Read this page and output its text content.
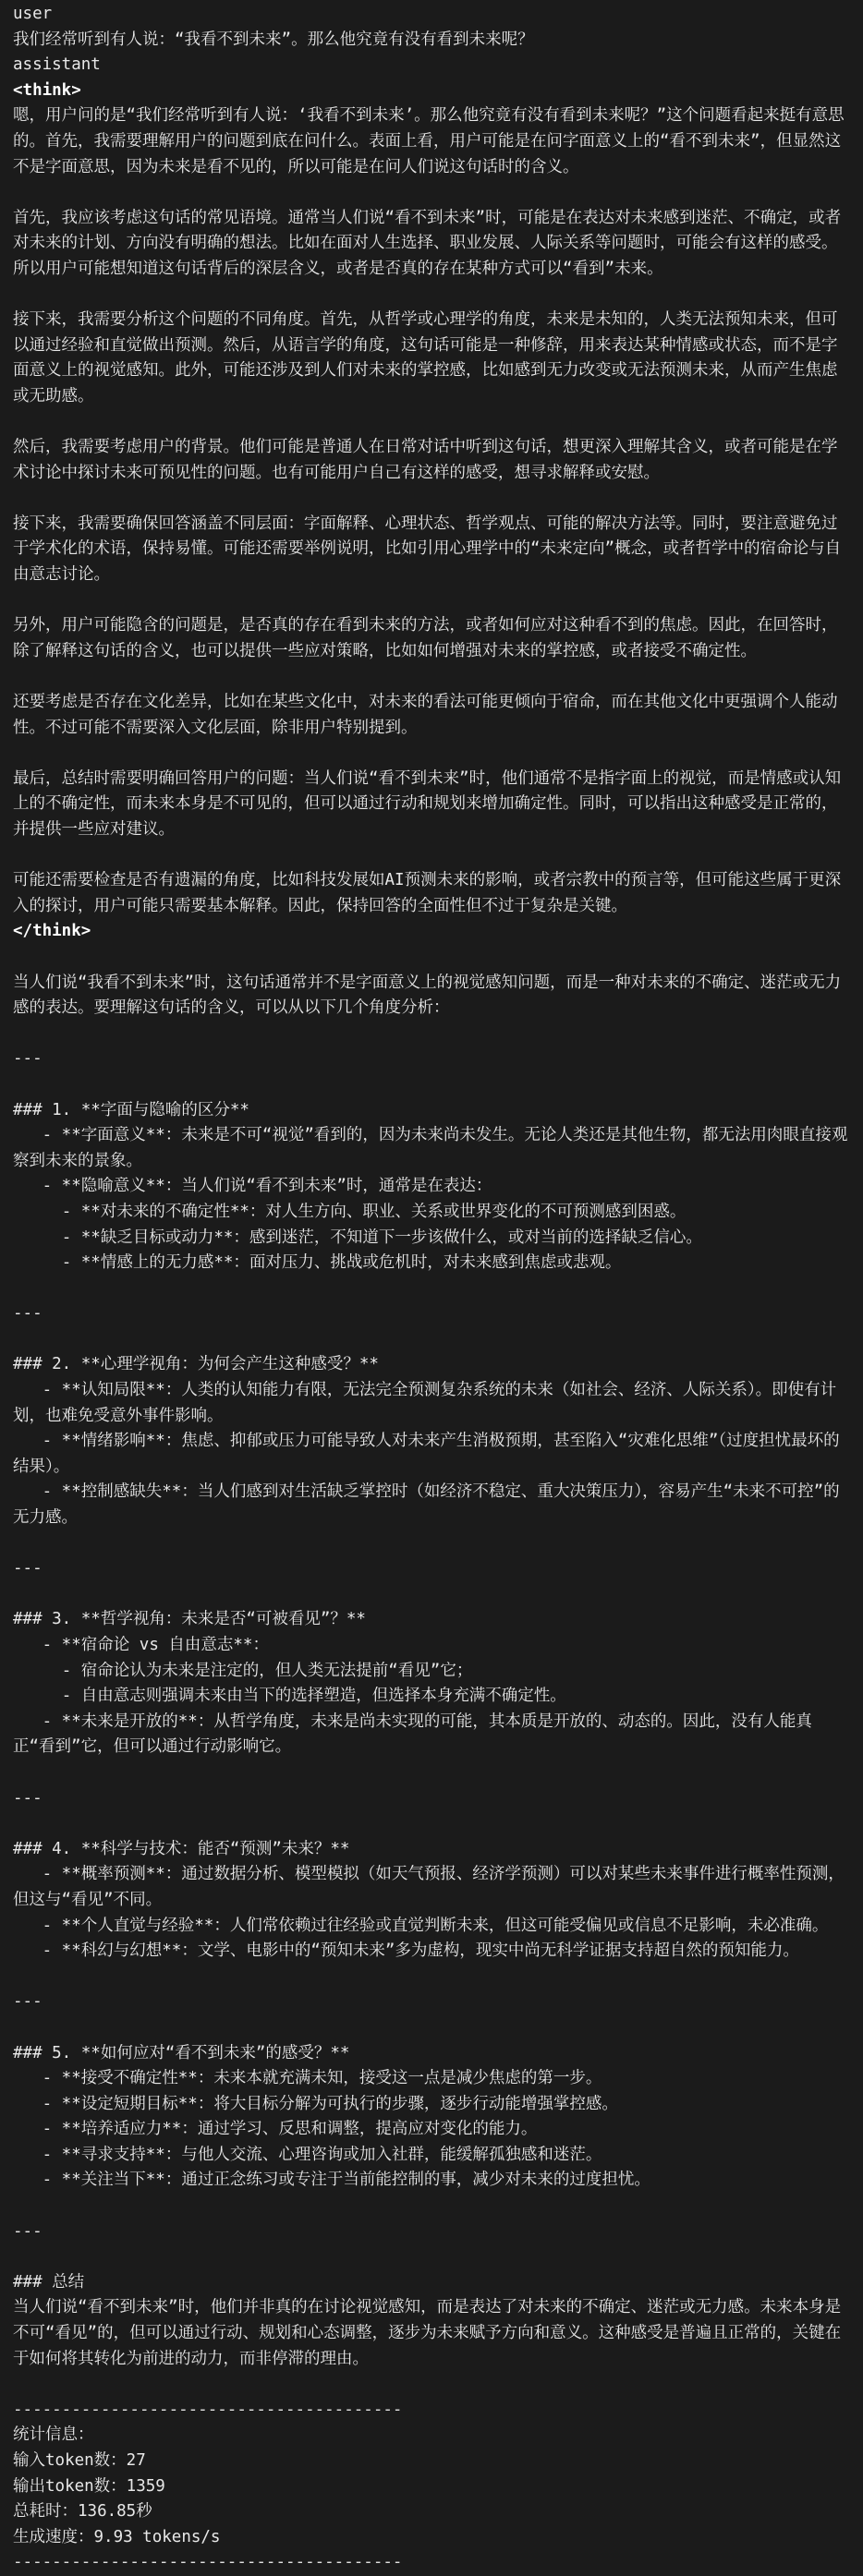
user
我们经常听到有人说：“我看不到未来”。那么他究竟有没有看到未来呢？
assistant
<think>
嗯，用户问的是“我们经常听到有人说：‘我看不到未来’。那么他究竟有没有看到未来呢？”这个问题看起来挺有意思的。首先，我需要理解用户的问题到底在问什么。表面上看，用户可能是在问字面意义上的“看不到未来”，但显然这不是字面意思，因为未来是看不见的，所以可能是在问人们说这句话时的含义。
首先，我应该考虑这句话的常见语境。通常当人们说“看不到未来”时，可能是在表达对未来感到迷茫、不确定，或者对未来的计划、方向没有明确的想法。比如在面对人生选择、职业发展、人际关系等问题时，可能会有这样的感受。所以用户可能想知道这句话背后的深层含义，或者是否真的存在某种方式可以“看到”未来。
接下来，我需要分析这个问题的不同角度。首先，从哲学或心理学的角度，未来是未知的，人类无法预知未来，但可以通过经验和直觉做出预测。然后，从语言学的角度，这句话可能是一种修辞，用来表达某种情感或状态，而不是字面意义上的视觉感知。此外，可能还涉及到人们对未来的掌控感，比如感到无力改变或无法预测未来，从而产生焦虑或无助感。
然后，我需要考虑用户的背景。他们可能是普通人在日常对话中听到这句话，想更深入理解其含义，或者可能是在学术讨论中探讨未来可预见性的问题。也有可能用户自己有这样的感受，想寻求解释或安慰。
接下来，我需要确保回答涵盖不同层面：字面解释、心理状态、哲学观点、可能的解决方法等。同时，要注意避免过于学术化的术语，保持易懂。可能还需要举例说明，比如引用心理学中的“未来定向”概念，或者哲学中的宿命论与自由意志讨论。
另外，用户可能隐含的问题是，是否真的存在看到未来的方法，或者如何应对这种看不到的焦虑。因此，在回答时，除了解释这句话的含义，也可以提供一些应对策略，比如如何增强对未来的掌控感，或者接受不确定性。
还要考虑是否存在文化差异，比如在某些文化中，对未来的看法可能更倾向于宿命，而在其他文化中更强调个人能动性。不过可能不需要深入文化层面，除非用户特别提到。
最后，总结时需要明确回答用户的问题：当人们说“看不到未来”时，他们通常不是指字面上的视觉，而是情感或认知上的不确定性，而未来本身是不可见的，但可以通过行动和规划来增加确定性。同时，可以指出这种感受是正常的，并提供一些应对建议。
可能还需要检查是否有遗漏的角度，比如科技发展如AI预测未来的影响，或者宗教中的预言等，但可能这些属于更深入的探讨，用户可能只需要基本解释。因此，保持回答的全面性但不过于复杂是关键。
</think>
当人们说“我看不到未来”时，这句话通常并不是字面意义上的视觉感知问题，而是一种对未来的不确定、迷茫或无力感的表达。要理解这句话的含义，可以从以下几个角度分析：
---
### 1. **字面与隐喻的区分**
- **字面意义**：未来是不可“视觉”看到的，因为未来尚未发生。无论人类还是其他生物，都无法用肉眼直接观察到未来的景象。
- **隐喻意义**：当人们说“看不到未来”时，通常是在表达：
- **对未来的不确定性**：对人生方向、职业、关系或世界变化的不可预测感到困惑。
- **缺乏目标或动力**：感到迷茫，不知道下一步该做什么，或对当前的选择缺乏信心。
- **情感上的无力感**：面对压力、挑战或危机时，对未来感到焦虑或悲观。
---
### 2. **心理学视角：为何会产生这种感受？**
- **认知局限**：人类的认知能力有限，无法完全预测复杂系统的未来（如社会、经济、人际关系）。即使有计划，也难免受意外事件影响。
- **情绪影响**：焦虑、抑郁或压力可能导致人对未来产生消极预期，甚至陷入“灾难化思维”（过度担忧最坏的结果）。
- **控制感缺失**：当人们感到对生活缺乏掌控时（如经济不稳定、重大决策压力），容易产生“未来不可控”的无力感。
---
### 3. **哲学视角：未来是否“可被看见”？**
- **宿命论 vs 自由意志**：
- 宿命论认为未来是注定的，但人类无法提前“看见”它；
- 自由意志则强调未来由当下的选择塑造，但选择本身充满不确定性。
- **未来是开放的**：从哲学角度，未来是尚未实现的可能，其本质是开放的、动态的。因此，没有人能真正“看到”它，但可以通过行动影响它。
---
### 4. **科学与技术：能否“预测”未来？**
- **概率预测**：通过数据分析、模型模拟（如天气预报、经济学预测）可以对某些未来事件进行概率性预测，但这与“看见”不同。
- **个人直觉与经验**：人们常依赖过往经验或直觉判断未来，但这可能受偏见或信息不足影响，未必准确。
- **科幻与幻想**：文学、电影中的“预知未来”多为虚构，现实中尚无科学证据支持超自然的预知能力。
---
### 5. **如何应对“看不到未来”的感受？**
- **接受不确定性**：未来本就充满未知，接受这一点是减少焦虑的第一步。
- **设定短期目标**：将大目标分解为可执行的步骤，逐步行动能增强掌控感。
- **培养适应力**：通过学习、反思和调整，提高应对变化的能力。
- **寻求支持**：与他人交流、心理咨询或加入社群，能缓解孤独感和迷茫。
- **关注当下**：通过正念练习或专注于当前能控制的事，减少对未来的过度担忧。
---
### 总结
当人们说“看不到未来”时，他们并非真的在讨论视觉感知，而是表达了对未来的不确定、迷茫或无力感。未来本身是不可“看见”的，但可以通过行动、规划和心态调整，逐步为未来赋予方向和意义。这种感受是普遍且正常的，关键在于如何将其转化为前进的动力，而非停滞的理由。
----------------------------------------
统计信息：
输入token数：27
输出token数：1359
总耗时：136.85秒
生成速度：9.93 tokens/s
----------------------------------------
